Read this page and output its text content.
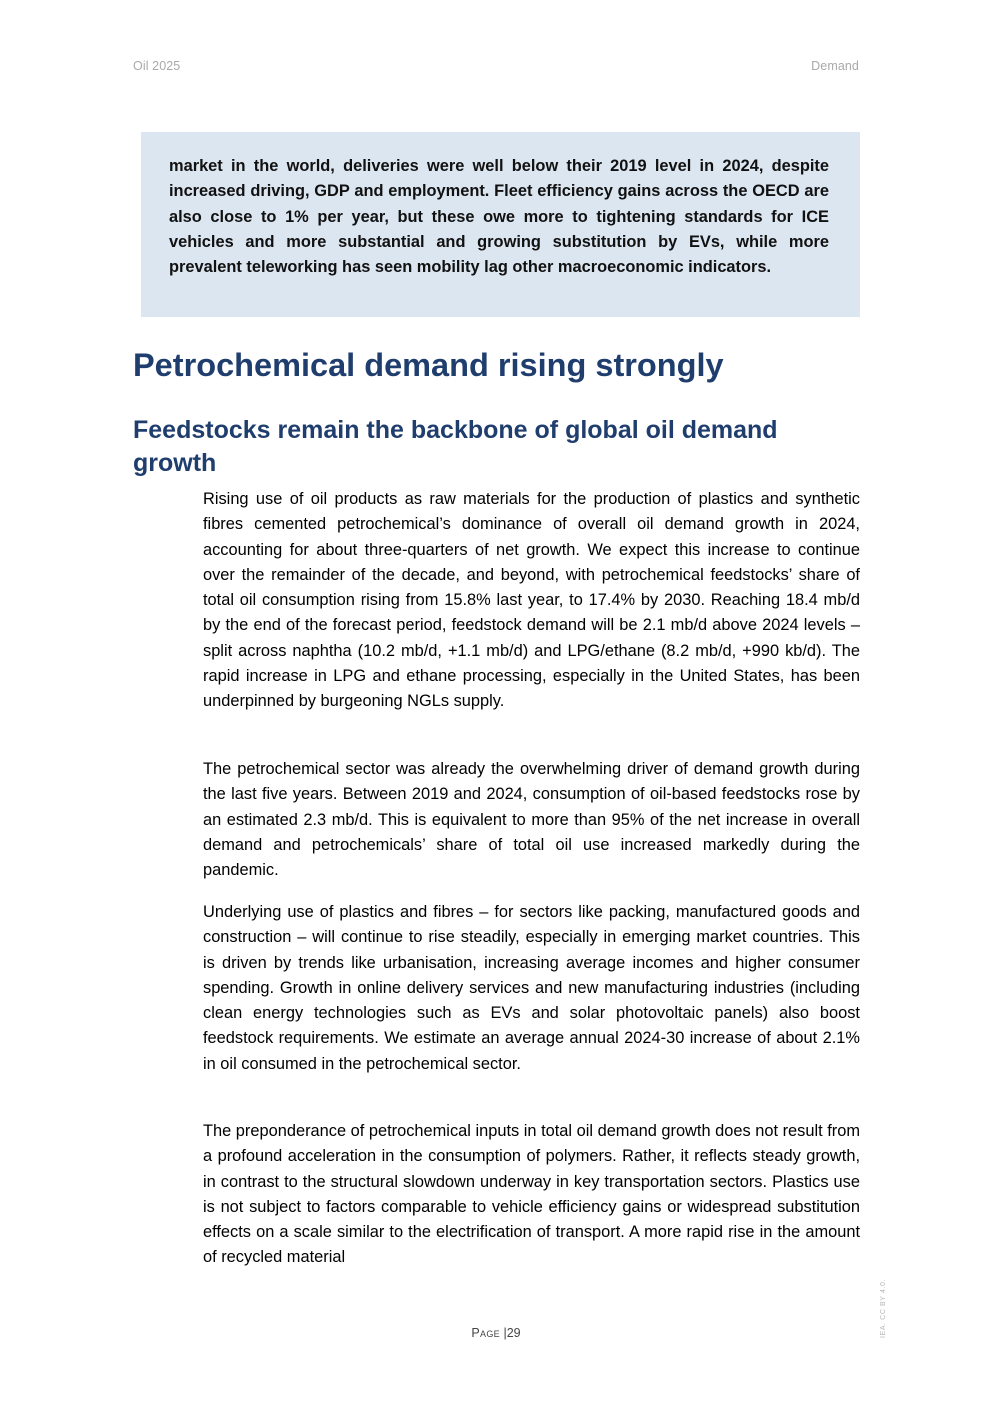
Oil 2025	Demand

market in the world, deliveries were well below their 2019 level in 2024, despite increased driving, GDP and employment. Fleet efficiency gains across the OECD are also close to 1% per year, but these owe more to tightening standards for ICE vehicles and more substantial and growing substitution by EVs, while more prevalent teleworking has seen mobility lag other macroeconomic indicators.

Petrochemical demand rising strongly
Feedstocks remain the backbone of global oil demand growth

Rising use of oil products as raw materials for the production of plastics and synthetic fibres cemented petrochemical’s dominance of overall oil demand growth in 2024, accounting for about three-quarters of net growth. We expect this increase to continue over the remainder of the decade, and beyond, with petrochemical feedstocks’ share of total oil consumption rising from 15.8% last year, to 17.4% by 2030. Reaching 18.4 mb/d by the end of the forecast period, feedstock demand will be 2.1 mb/d above 2024 levels – split across naphtha (10.2 mb/d, +1.1 mb/d) and LPG/ethane (8.2 mb/d, +990 kb/d). The rapid increase in LPG and ethane processing, especially in the United States, has been underpinned by burgeoning NGLs supply.

The petrochemical sector was already the overwhelming driver of demand growth during the last five years. Between 2019 and 2024, consumption of oil-based feedstocks rose by an estimated 2.3 mb/d. This is equivalent to more than 95% of the net increase in overall demand and petrochemicals’ share of total oil use increased markedly during the pandemic.

Underlying use of plastics and fibres – for sectors like packing, manufactured goods and construction – will continue to rise steadily, especially in emerging market countries. This is driven by trends like urbanisation, increasing average incomes and higher consumer spending. Growth in online delivery services and new manufacturing industries (including clean energy technologies such as EVs and solar photovoltaic panels) also boost feedstock requirements. We estimate an average annual 2024-30 increase of about 2.1% in oil consumed in the petrochemical sector.

The preponderance of petrochemical inputs in total oil demand growth does not result from a profound acceleration in the consumption of polymers. Rather, it reflects steady growth, in contrast to the structural slowdown underway in key transportation sectors. Plastics use is not subject to factors comparable to vehicle efficiency gains or widespread substitution effects on a scale similar to the electrification of transport. A more rapid rise in the amount of recycled material

Page |29	IEA. CC BY 4.0.
